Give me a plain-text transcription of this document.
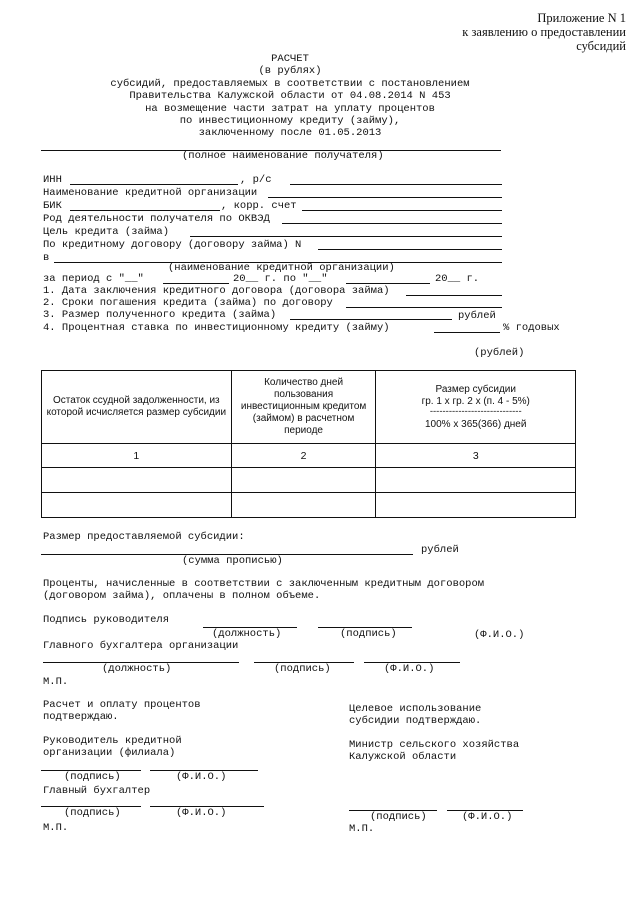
Приложение N 1
к заявлению о предоставлении
субсидий
РАСЧЕТ
(в рублях)
субсидий, предоставляемых в соответствии с постановлением
Правительства Калужской области от 04.08.2014 N 453
на возмещение части затрат на уплату процентов
по инвестиционному кредиту (займу),
заключенному после 01.05.2013
(полное наименование получателя)
ИНН	, р/с
Наименование кредитной организации
БИК	, корр. счет
Род деятельности получателя по ОКВЭД
Цель кредита (займа)
По кредитному договору (договору займа) N
в
(наименование кредитной организации)
за период с "__"	20__ г. по "__"	20__ г.
1. Дата заключения кредитного договора (договора займа)
2. Сроки погашения кредита (займа) по договору
3. Размер полученного кредита (займа)	рублей
4. Процентная ставка по инвестиционному кредиту (займу)	% годовых
(рублей)
Остаток ссудной задолженности, из которой исчисляется размер субсидии	Количество дней пользования инвестиционным кредитом (займом) в расчетном периоде	Размер субсидии
гр. 1 x гр. 2 x (п. 4 - 5%)
-----------------------------
100% x 365(366) дней

1	2	3

Размер предоставляемой субсидии:
рублей
(сумма прописью)
Проценты, начисленные в соответствии с заключенным кредитным договором
(договором займа), оплачены в полном объеме.
Подпись руководителя
(должность)	(подпись)	(Ф.И.О.)
Главного бухгалтера организации
(должность)	(подпись)	(Ф.И.О.)
М.П.
Расчет и оплату процентов
подтверждаю.
Целевое использование
субсидии подтверждаю.
Руководитель кредитной
организации (филиала)
Министр сельского хозяйства
Калужской области
(подпись)	(Ф.И.О.)
Главный бухгалтер
(подпись)	(Ф.И.О.)
М.П.
(подпись)	(Ф.И.О.)
М.П.
